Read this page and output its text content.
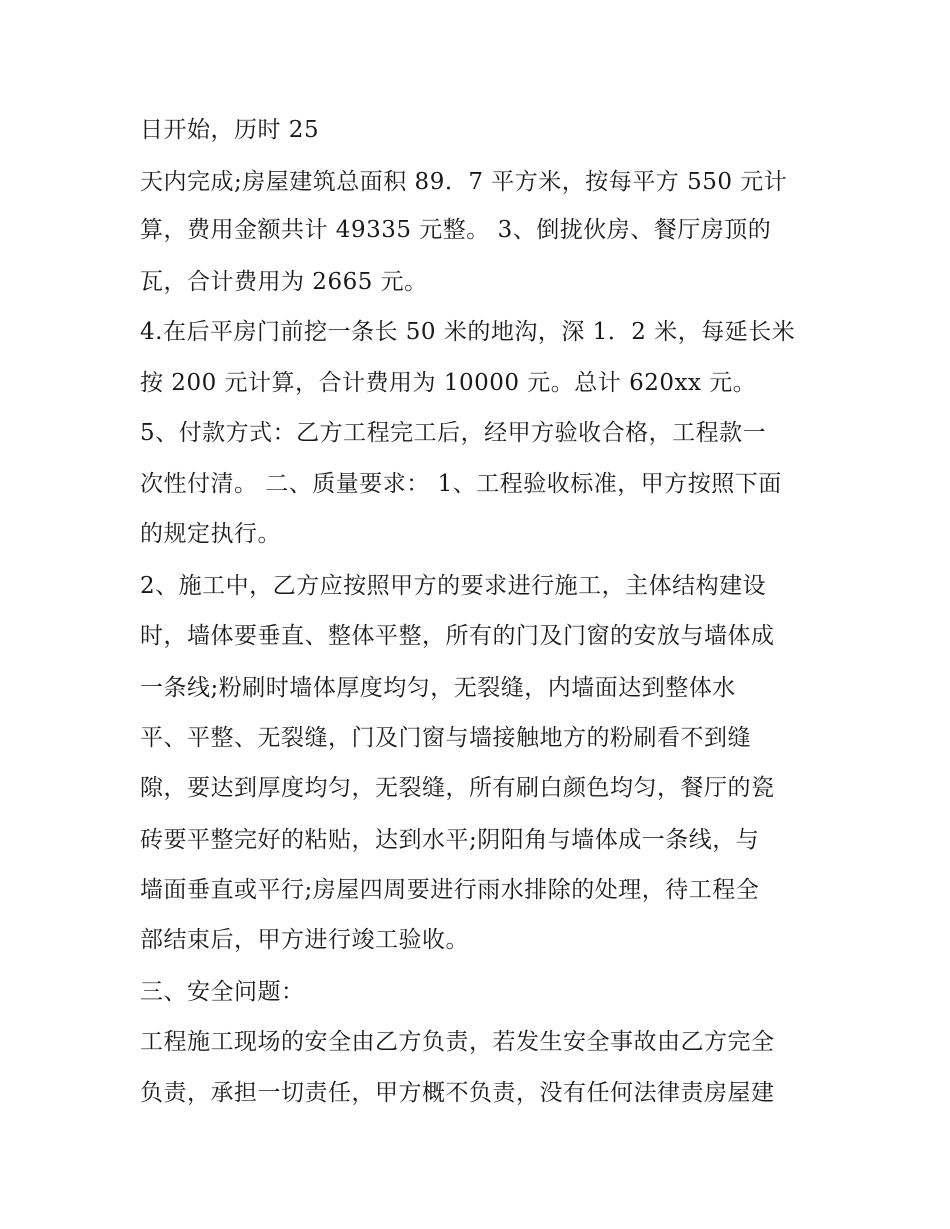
日开始，历时 25

天内完成;房屋建筑总面积 89．7 平方米，按每平方 550 元计

算，费用金额共计 49335 元整。 3、倒拢伙房、餐厅房顶的

瓦，合计费用为 2665 元。

4.在后平房门前挖一条长 50 米的地沟，深 1．2 米，每延长米

按 200 元计算，合计费用为 10000 元。总计 620xx 元。

5、付款方式：乙方工程完工后，经甲方验收合格，工程款一

次性付清。 二、质量要求： 1、工程验收标准，甲方按照下面

的规定执行。

2、施工中，乙方应按照甲方的要求进行施工，主体结构建设

时，墙体要垂直、整体平整，所有的门及门窗的安放与墙体成

一条线;粉刷时墙体厚度均匀，无裂缝，内墙面达到整体水

平、平整、无裂缝，门及门窗与墙接触地方的粉刷看不到缝

隙，要达到厚度均匀，无裂缝，所有刷白颜色均匀，餐厅的瓷

砖要平整完好的粘贴，达到水平;阴阳角与墙体成一条线，与

墙面垂直或平行;房屋四周要进行雨水排除的处理，待工程全

部结束后，甲方进行竣工验收。

三、安全问题：

工程施工现场的安全由乙方负责，若发生安全事故由乙方完全

负责，承担一切责任，甲方概不负责，没有任何法律责房屋建
